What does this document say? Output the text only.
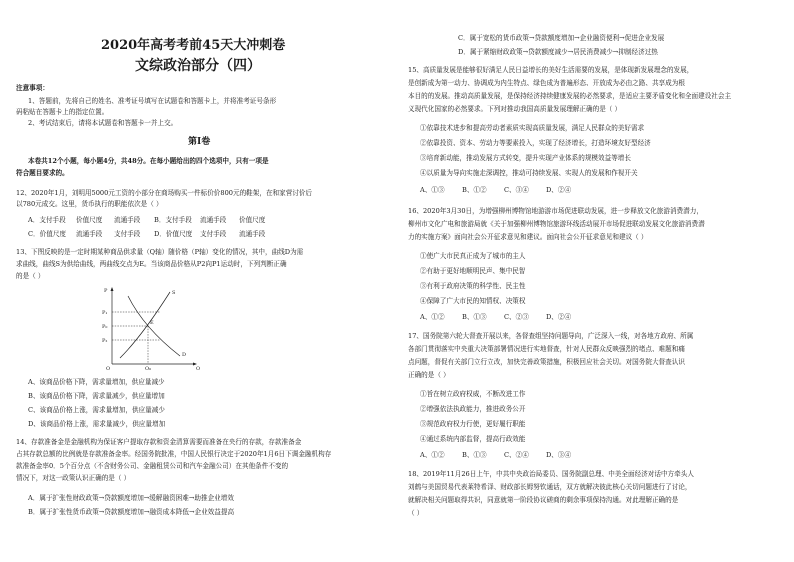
2020年高考考前45天大冲刺卷
文综政治部分（四）
注意事项：
1、答题前，先将自己的姓名、准考证号填写在试题卷和答题卡上，并将准考证号条形
码粘贴在答题卡上的指定位置。
2、考试结束后，请将本试题卷和答题卡一并上交。
第Ⅰ卷
本卷共12个小题，每小题4分，共48分。在每小题给出的四个选项中，只有一项是
符合题目要求的。
12、2020年1月，刘明用5000元工资的小部分在商场购买一件标价价800元的鞋架，在和家营讨价后
以780元成交。这里，货币执行的职能依次是（ ）
A．支付手段 价值尺度 流通手段 B．支付手段 流通手段 价值尺度
C．价值尺度 流通手段 支付手段 D．价值尺度 支付手段 流通手段
13、下图反映的是一定时期某种商品供求量（Q轴）随价格（P轴）变化的情况，其中，曲线D为需
求曲线，曲线S为供给曲线，两曲线交点为E。当该商品价格从P2向P1运动时，下列判断正确
的是（ ）
P
Q
P₁
P₀
P₂
E
S
D
O	Q₀
A、该商品价格下降，需求量增加，供应量减少
B、该商品价格下降，需求量减少，供应量增加
C、该商品价格上涨，需求量增加，供应量减少
D、该商品价格上涨，需求量减少，供应量增加
14、存款准备金是金融机构为保证客户提取存款和资金清算需要而准备在央行的存款，存款准备金
占其存款总额的比例就是存款准备金率。经国务院批准，中国人民银行决定于2020年1月6日下调金融机构存
款准备金率0．5个百分点（不含财务公司、金融租赁公司和汽车金融公司）在其他条件不变的
情况下，对这一政策认识正确的是（ ）
A．属于扩张性财政政策→贷款额度增加→缓解融资困难→助推企业增效
B．属于扩张性货币政策→贷款额度增加→融资成本降低→企业效益提高
C．属于宽松的货币政策→贷款额度增加→企业融资便利→促进企业发展
D．属于紧缩财政政策→贷款额度减少→居民消费减少→抑制经济过热
15、高质量发展是能够很好满足人民日益增长的美好生活需要的发展，是体现新发展理念的发展，
是创新成为第一动力、协调成为内生特点、绿色成为普遍形态、开放成为必由之路、共享成为根
本目的的发展。推动高质量发展，是保持经济持续健康发展的必然要求，是适应主要矛盾变化和全面建设社会主
义现代化国家的必然要求。下列对推动我国高质量发展理解正确的是（ ）
①依靠技术进步和提高劳动者素质实现高质量发展，满足人民群众的美好需求
②依靠投资、资本、劳动力等要素投入，实现了经济增长，打造环境友好型经济
③培育新动能，推动发展方式转变，提升实现产业体系的规模效益等增长
④以质量为导向实施走深调控，推动可持续发展、实现人的发展和作视开关
A、①③	B、①②	C、③④	D、②④
16、2020年3月30日，为增强柳州博物馆地游游市场促进联动发展，进一步释放文化旅游消费潜力，
柳州市文化广电和旅游局就《关于加强柳州博物馆旅游环线活动展开市场促进联动发展文化旅游消费潜
力的实施方案》面向社会公开征求意见和建议。面向社会公开征求意见和建议（ ）
①使广大市民真正成为了城市的主人
②有助于更好地顺明民声、集中民智
③有利于政府决策的科学性、民主性
④保障了广大市民的知情权、决策权
A、①②	B、①③	C、②③	D、②④
17、国务院第六轮大督查开展以来，各督查组坚持问题导向，广泛深入一线，对各地方政府、所属
各部门贯彻落实中央重大决策部署情况进行实地督查，针对人民群众反映强烈的堵点、难题和痛
点问题，督促有关部门立行立改，加快完善政策措施，积极回应社会关切。对国务院大督查认识
正确的是（ ）
①旨在树立政府权威，不断改进工作
②增强依法执政能力，推进政务公开
③规范政府权力行使，更好履行职能
④通过系统内部监督，提高行政效能
A、①②	B、①③	C、②④	D、③④
18、2019年11月26日上午，中共中央政治局委员、国务院副总理、中美全面经济对话中方牵头人
刘鹤与美国贸易代表莱特希泽、财政部长姆努钦通话，双方就解决彼此核心关切问题进行了讨论，
就解决相关问题取得共识，同意就第一阶段协议磋商的剩余事项保持沟通。对此理解正确的是
（ ）
